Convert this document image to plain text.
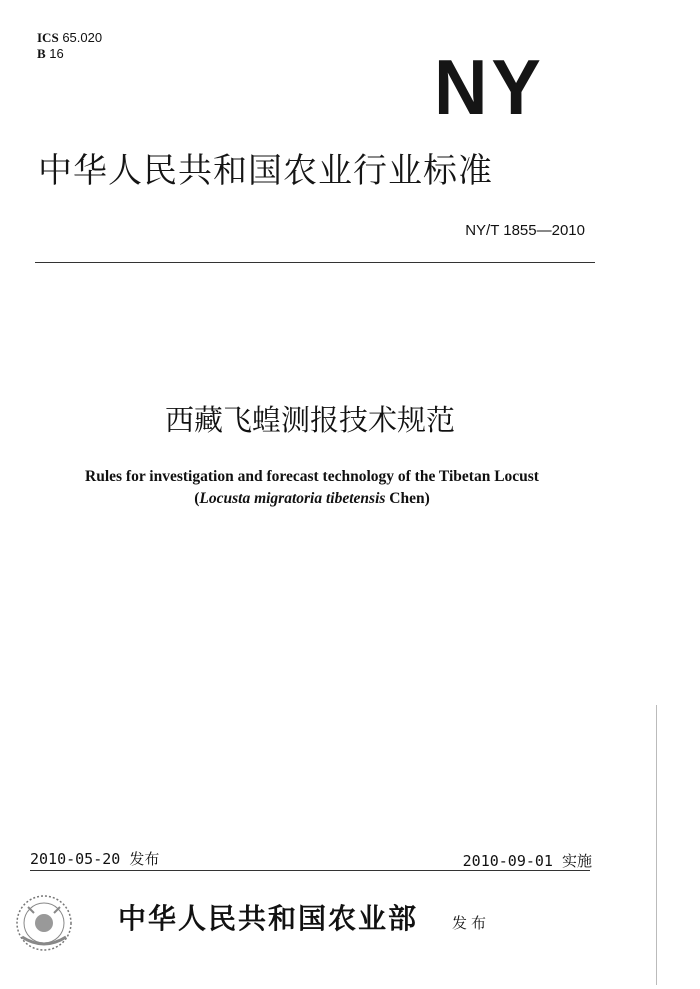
ICS 65.020
B 16	NY
中华人民共和国农业行业标准
NY/T 1855—2010
西藏飞蝗测报技术规范
Rules for investigation and forecast technology of the Tibetan Locust
(Locusta migratoria tibetensis Chen)
2010-05-20 发布	2010-09-01 实施
中华人民共和国农业部 发布
